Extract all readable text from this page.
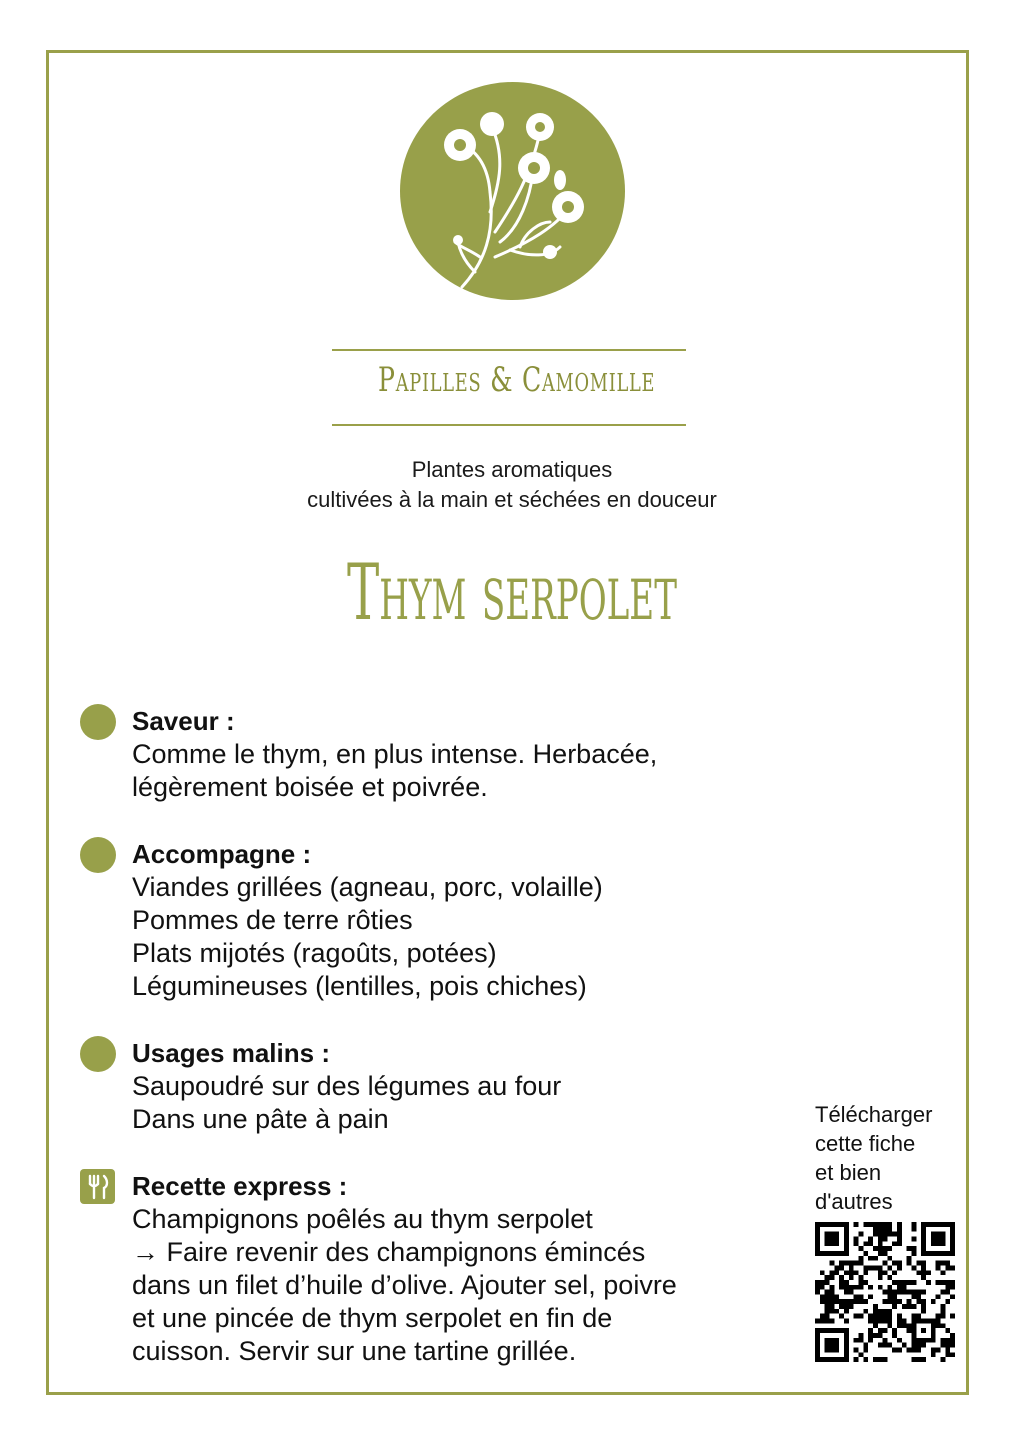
Papilles & Camomille
Plantes aromatiques
cultivées à la main et séchées en douceur
Thym serpolet
Saveur :
Comme le thym, en plus intense. Herbacée,
légèrement boisée et poivrée.
Accompagne :
Viandes grillées (agneau, porc, volaille)
Pommes de terre rôties
Plats mijotés (ragoûts, potées)
Légumineuses (lentilles, pois chiches)
Usages malins :
Saupoudré sur des légumes au four
Dans une pâte à pain
Recette express :
Champignons poêlés au thym serpolet
→ Faire revenir des champignons émincés
dans un filet d’huile d’olive. Ajouter sel, poivre
et une pincée de thym serpolet en fin de
cuisson. Servir sur une tartine grillée.
Télécharger
cette fiche
et bien
d'autres
